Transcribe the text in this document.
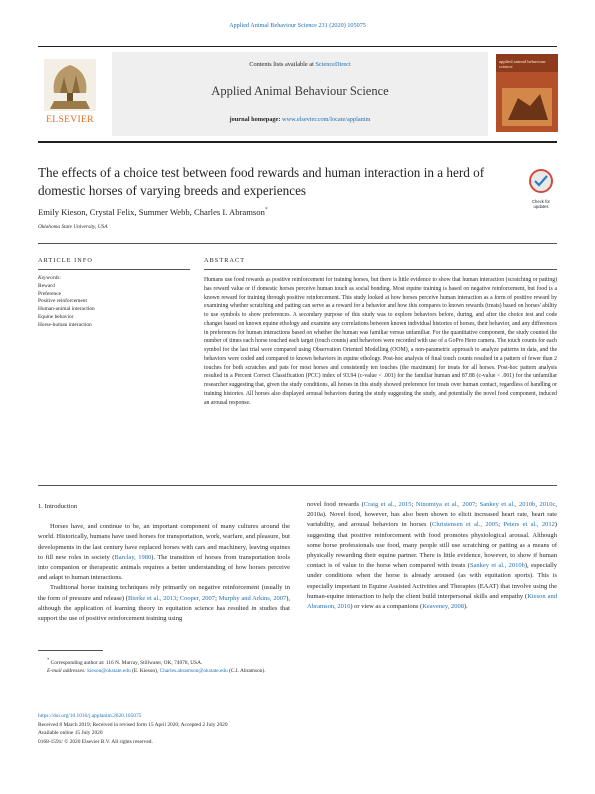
Applied Animal Behaviour Science 231 (2020) 105075
ELSEVIER
Contents lists available at ScienceDirect
Applied Animal Behaviour Science
journal homepage: www.elsevier.com/locate/applanim
applied animal behaviour science
The effects of a choice test between food rewards and human interaction in a herd of domestic horses of varying breeds and experiences
Check for updates
Emily Kieson, Crystal Felix, Summer Webb, Charles I. Abramson*
Oklahoma State University, USA
ARTICLE INFO	ABSTRACT
Keywords:
Reward
Preference
Positive reinforcement
Human-animal interaction
Equine behavior
Horse-human interaction
Humans use food rewards as positive reinforcement for training horses, but there is little evidence to show that human interaction (scratching or patting) has reward value or if domestic horses perceive human touch as social bonding. Most equine training is based on negative reinforcement, but food is a known reward for training through positive reinforcement. This study looked at how horses perceive human interaction as a form of positive reward by examining whether scratching and patting can serve as a reward for a behavior and how this compares to known rewards (treats) based on horses' ability to use symbols to show preferences. A secondary purpose of this study was to explore behaviors before, during, and after the choice test and code changes based on known equine ethology and examine any correlations between known individual histories of horses, their behavior, and any differences in preferences for human interactions based on whether the human was familiar versus unfamiliar. For the quantitative component, the study counted the number of times each horse touched each target (touch counts) and behaviors were recorded with use of a GoPro Hero camera. The touch counts for each symbol for the last trial were compared using Observation Oriented Modelling (OOM), a non-parametric approach to analyze patterns in data, and the behaviors were coded and compared to known behaviors in equine ethology. Post-hoc analysis of final touch counts resulted in a pattern of fewer than 2 touches for both scratches and pats for most horses and consistently ten touches (the maximum) for treats for all horses. Post-hoc pattern analysis resulted in a Percent Correct Classification (PCC) index of 93.94 (c-value < .001) for the familiar human and 87.88 (c-value < .001) for the unfamiliar researcher suggesting that, given the study conditions, all horses in this study showed preference for treats over human contact, regardless of handling or training histories. All horses also displayed arousal behaviors during the study suggesting the study, and potentially the novel food component, induced an arousal response.
1. Introduction

Horses have, and continue to be, an important component of many cultures around the world. Historically, humans have used horses for transportation, work, warfare, and pleasure, but developments in the last century have replaced horses with cars and machinery, leaving equines to fill new roles in society (Barclay, 1980). The transition of horses from transportation tools into companion or therapeutic animals requires a better understanding of how horses perceive and adapt to human interactions.

Traditional horse training techniques rely primarily on negative reinforcement (usually in the form of pressure and release) (Bierke et al., 2013; Cooper, 2007; Murphy and Arkins, 2007), although the application of learning theory in equitation science has resulted in studies that support the use of positive reinforcement training using

novel food rewards (Craig et al., 2015; Ninomiya et al., 2007; Sankey et al., 2010b, 2010c, 2010a). Novel food, however, has also been shown to elicit increased heart rate, heart rate variability, and arousal behaviors in horses (Christensen et al., 2005; Peters et al., 2012) suggesting that positive reinforcement with food promotes physiological arousal. Although some horse professionals use food, many people still use scratching or patting as a means of physically rewarding their equine partner. There is little evidence, however, to show if human contact is of value to the horse when compared with treats (Sankey et al., 2010b), especially under conditions when the horse is already aroused (as with equitation sports). This is especially important in Equine Assisted Activities and Therapies (EAAT) that involve using the human-equine interaction to help the client build interpersonal skills and empathy (Kieson and Abramson, 2016) or view as a companions (Keaveney, 2008).

* Corresponding author at: 116 N. Murray, Stillwater, OK, 74078, USA.
E-mail addresses: kieson@okstate.edu (E. Kieson), Charles.abramson@okstate.edu (C.I. Abramson).
https://doi.org/10.1016/j.applanim.2020.105075
Received 8 March 2019; Received in revised form 15 April 2020; Accepted 2 July 2020
Available online 15 July 2020
0168-1591/ © 2020 Elsevier B.V. All rights reserved.
